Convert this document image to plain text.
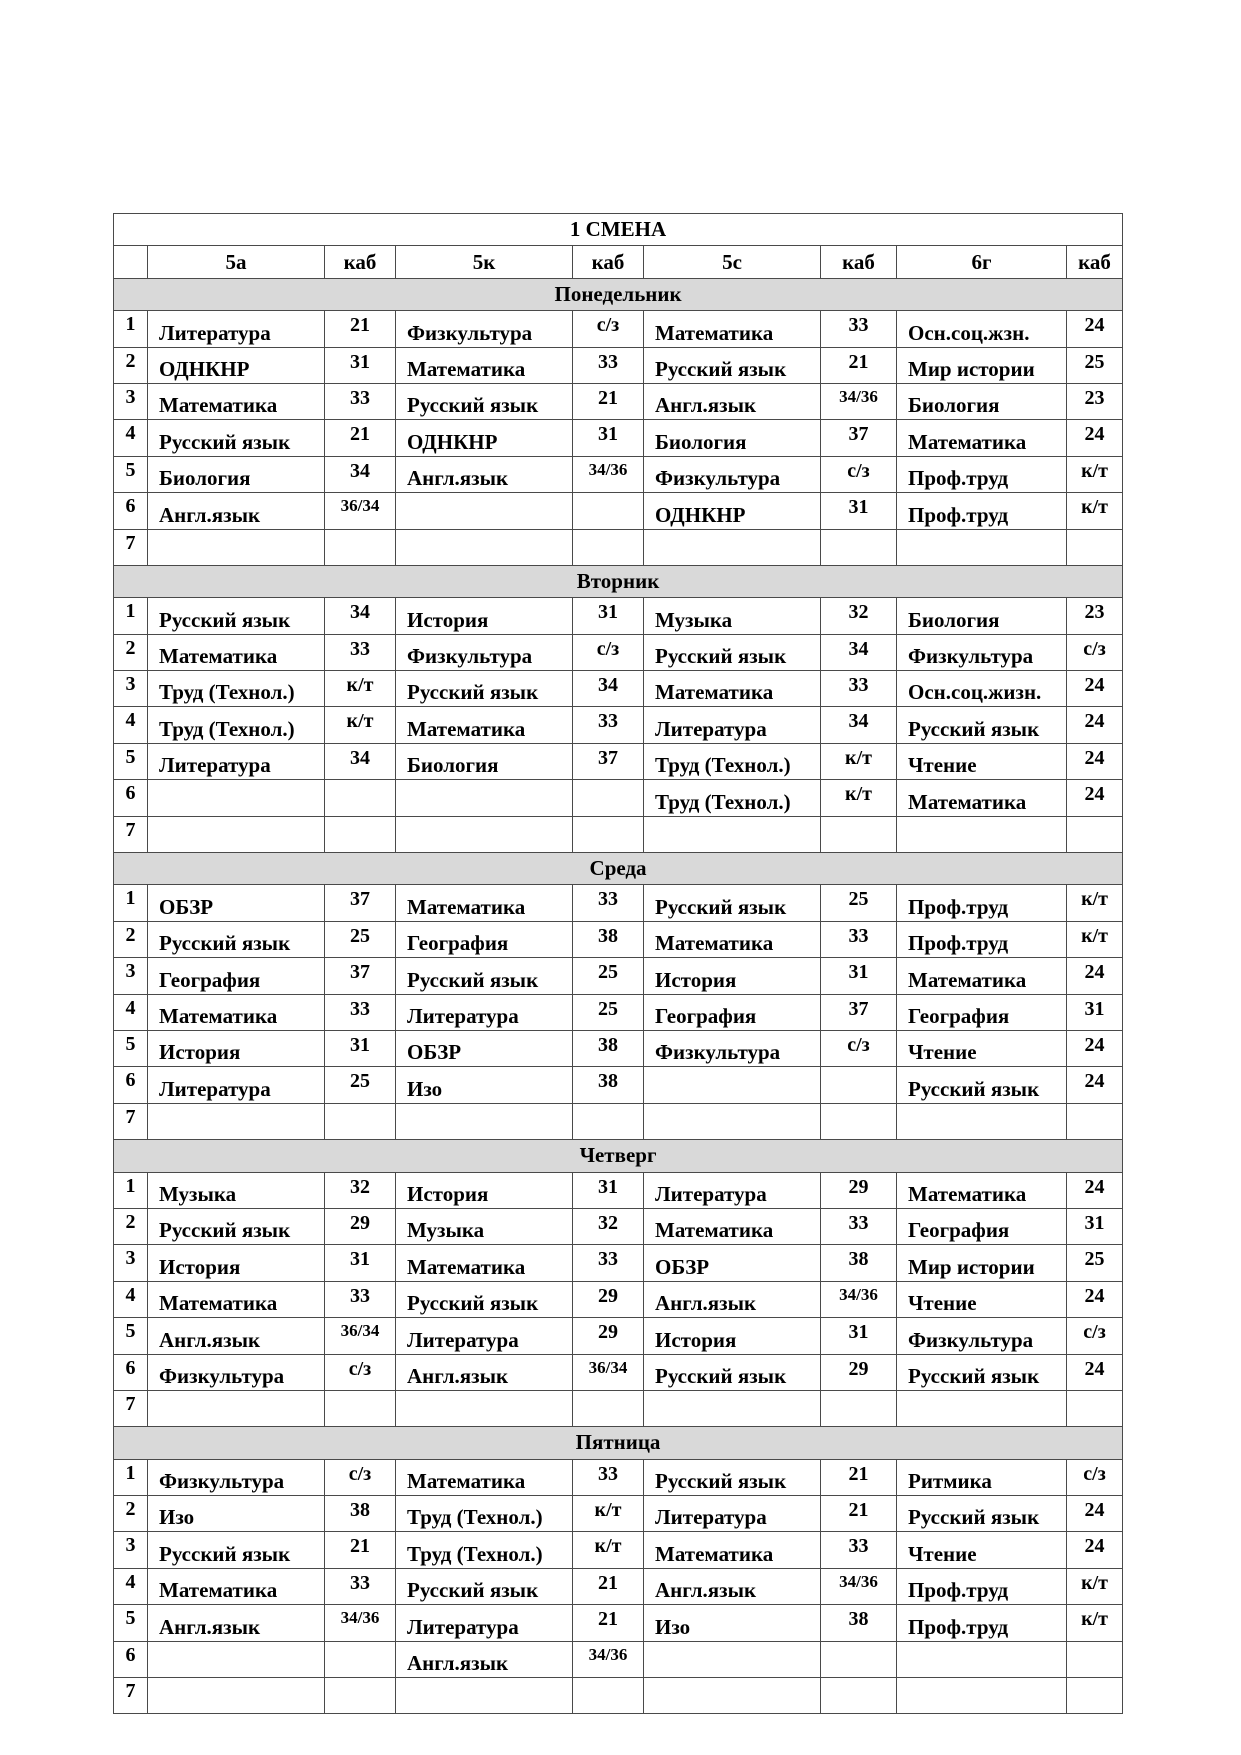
1 СМЕНА								
	5а	каб	5к	каб	5с	каб	6г	каб
Понедельник								
1	Литература	21	Физкультура	с/з	Математика	33	Осн.соц.жзн.	24
2	ОДНКНР	31	Математика	33	Русский язык	21	Мир истории	25
3	Математика	33	Русский язык	21	Англ.язык	34/36	Биология	23
4	Русский язык	21	ОДНКНР	31	Биология	37	Математика	24
5	Биология	34	Англ.язык	34/36	Физкультура	с/з	Проф.труд	к/т
6	Англ.язык	36/34			ОДНКНР	31	Проф.труд	к/т
7								
Вторник								
1	Русский язык	34	История	31	Музыка	32	Биология	23
2	Математика	33	Физкультура	с/з	Русский язык	34	Физкультура	с/з
3	Труд (Технол.)	к/т	Русский язык	34	Математика	33	Осн.соц.жизн.	24
4	Труд (Технол.)	к/т	Математика	33	Литература	34	Русский язык	24
5	Литература	34	Биология	37	Труд (Технол.)	к/т	Чтение	24
6					Труд (Технол.)	к/т	Математика	24
7								
Среда								
1	ОБЗР	37	Математика	33	Русский язык	25	Проф.труд	к/т
2	Русский язык	25	География	38	Математика	33	Проф.труд	к/т
3	География	37	Русский язык	25	История	31	Математика	24
4	Математика	33	Литература	25	География	37	География	31
5	История	31	ОБЗР	38	Физкультура	с/з	Чтение	24
6	Литература	25	Изо	38			Русский язык	24
7								
Четверг								
1	Музыка	32	История	31	Литература	29	Математика	24
2	Русский язык	29	Музыка	32	Математика	33	География	31
3	История	31	Математика	33	ОБЗР	38	Мир истории	25
4	Математика	33	Русский язык	29	Англ.язык	34/36	Чтение	24
5	Англ.язык	36/34	Литература	29	История	31	Физкультура	с/з
6	Физкультура	с/з	Англ.язык	36/34	Русский язык	29	Русский язык	24
7								
Пятница								
1	Физкультура	с/з	Математика	33	Русский язык	21	Ритмика	с/з
2	Изо	38	Труд (Технол.)	к/т	Литература	21	Русский язык	24
3	Русский язык	21	Труд (Технол.)	к/т	Математика	33	Чтение	24
4	Математика	33	Русский язык	21	Англ.язык	34/36	Проф.труд	к/т
5	Англ.язык	34/36	Литература	21	Изо	38	Проф.труд	к/т
6			Англ.язык	34/36				
7								
